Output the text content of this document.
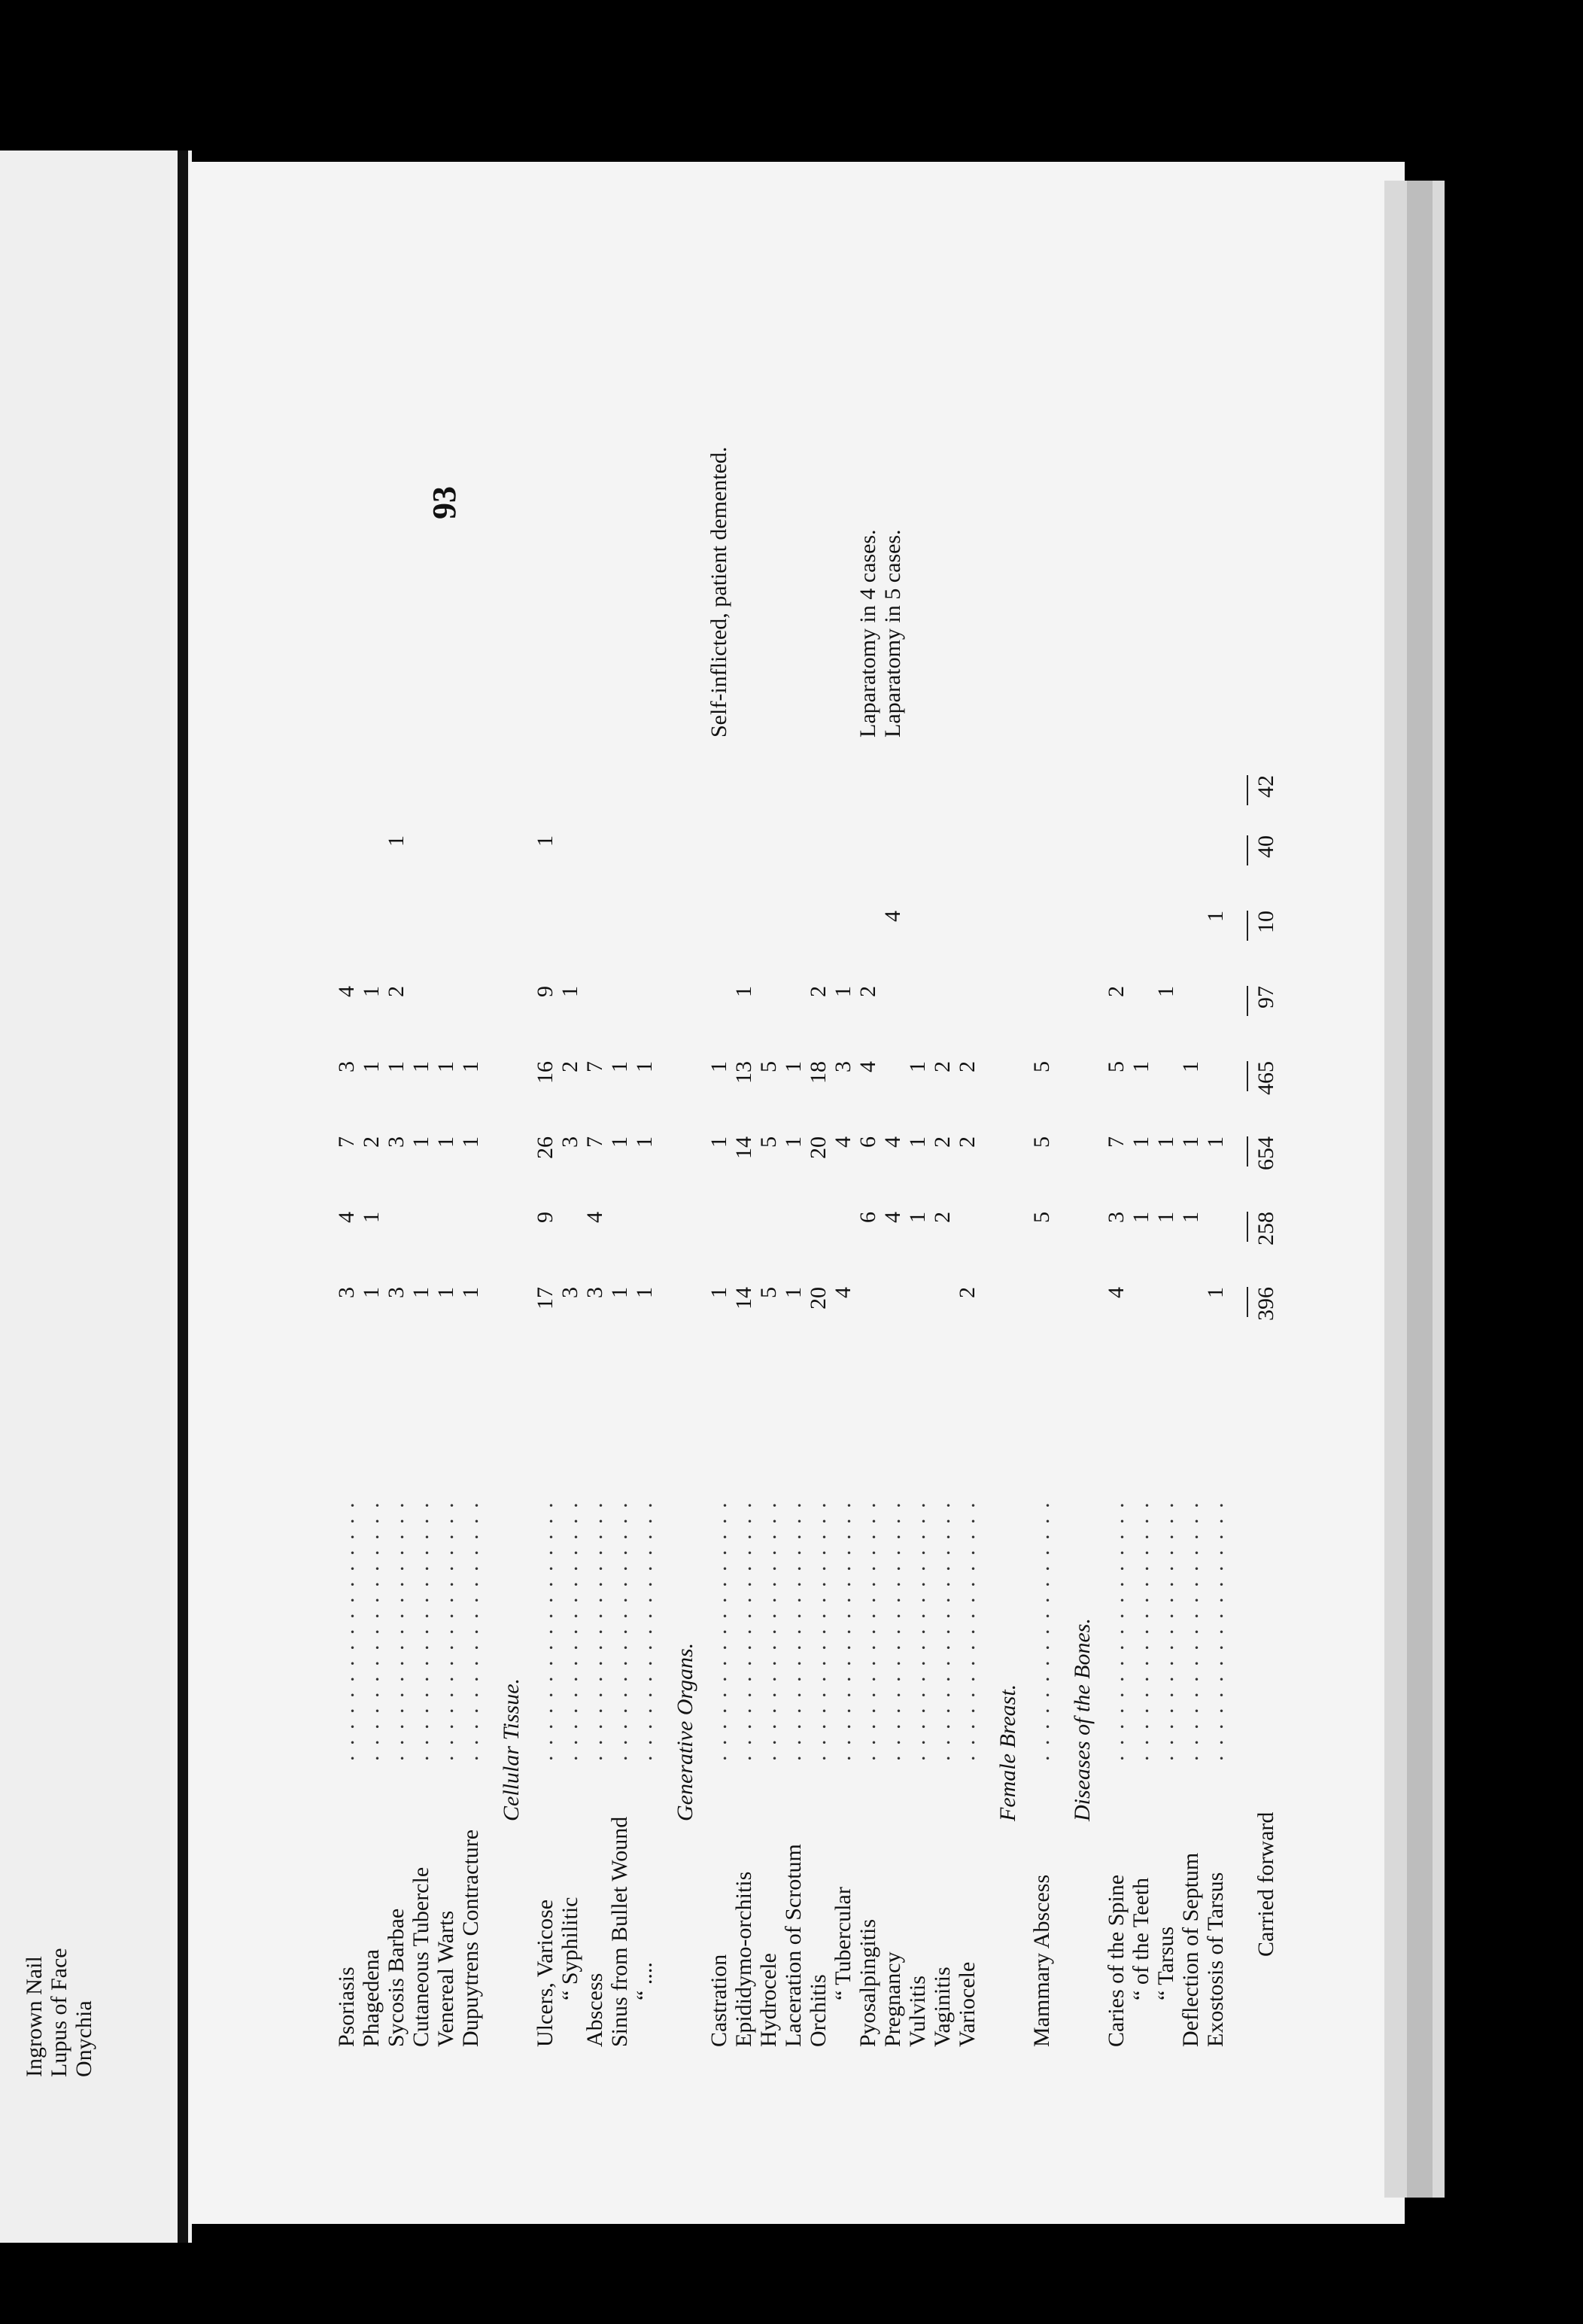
Ingrown Nail Lupus of Face Onychia
93
Psoriasis
. . . . . . . . . . . . . . . . .
3
4
7
3
4
Phagedena
. . . . . . . . . . . . . . . . .
1
1
2
1
1
Sycosis Barbae
. . . . . . . . . . . . . . . . .
3
3
1
2
1
Cutaneous Tubercle
. . . . . . . . . . . . . . . . .
1
1
1
Venereal Warts
. . . . . . . . . . . . . . . . .
1
1
1
Dupuytrens Contracture
. . . . . . . . . . . . . . . . .
1
1
1
Cellular Tissue.
Ulcers, Varicose
. . . . . . . . . . . . . . . . .
17
9
26
16
9
1
“ Syphilitic
. . . . . . . . . . . . . . . . .
3
3
2
1
Abscess
. . . . . . . . . . . . . . . . .
3
4
7
7
Sinus from Bullet Wound
. . . . . . . . . . . . . . . . .
1
1
1
“ ....
. . . . . . . . . . . . . . . . .
1
1
1
Generative Organs.
Castration
. . . . . . . . . . . . . . . . .
1
1
1
Self-inflicted, patient demented.
Epididymo-orchitis
. . . . . . . . . . . . . . . . .
14
14
13
1
Hydrocele
. . . . . . . . . . . . . . . . .
5
5
5
Laceration of Scrotum
. . . . . . . . . . . . . . . . .
1
1
1
Orchitis
. . . . . . . . . . . . . . . . .
20
20
18
2
“ Tubercular
. . . . . . . . . . . . . . . . .
4
4
3
1
Pyosalpingitis
. . . . . . . . . . . . . . . . .
6
6
4
2
Laparatomy in 4 cases.
Pregnancy
. . . . . . . . . . . . . . . . .
4
4
4
Laparatomy in 5 cases.
Vulvitis
. . . . . . . . . . . . . . . . .
1
1
1
Vaginitis
. . . . . . . . . . . . . . . . .
2
2
2
Variocele
. . . . . . . . . . . . . . . . .
2
2
2
Female Breast.
Mammary Abscess
. . . . . . . . . . . . . . . . .
5
5
5
Diseases of the Bones.
Caries of the Spine
. . . . . . . . . . . . . . . . .
4
3
7
5
2
“ of the Teeth
. . . . . . . . . . . . . . . . .
1
1
1
“ Tarsus
. . . . . . . . . . . . . . . . .
1
1
1
Deflection of Septum
. . . . . . . . . . . . . . . . .
1
1
1
Exostosis of Tarsus
. . . . . . . . . . . . . . . . .
1
1
1
Carried forward
396
258
654
465
97
10
40
42
